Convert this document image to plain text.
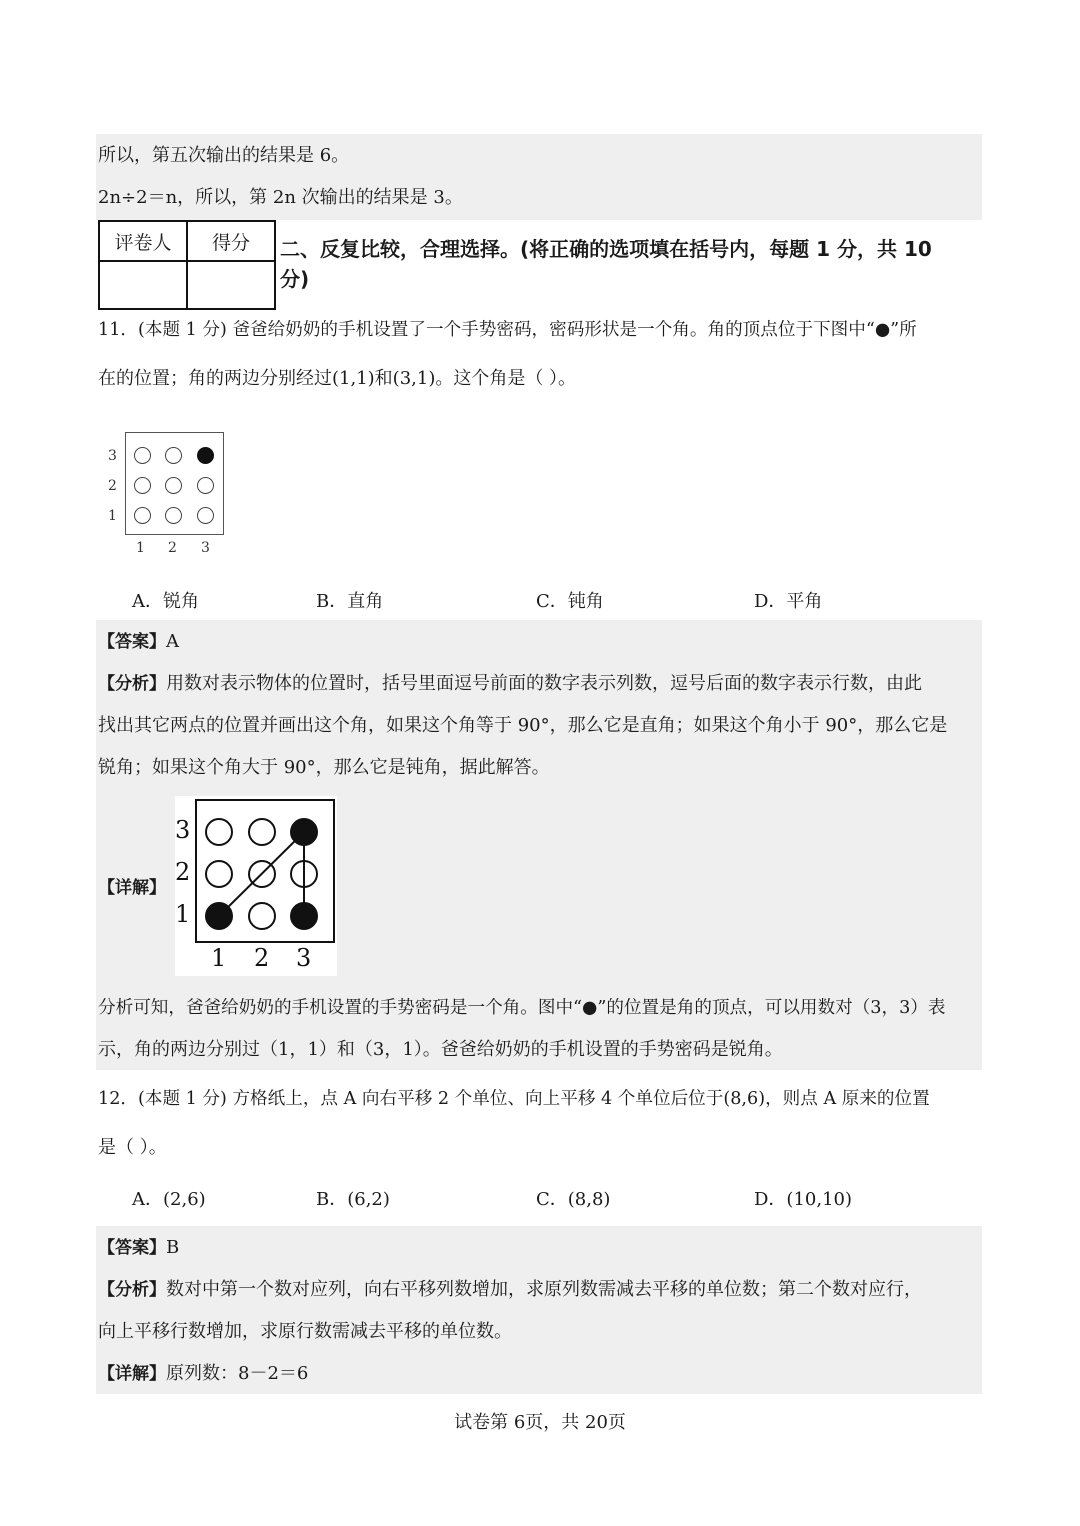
所以，第五次输出的结果是 6。
2n÷2＝n，所以，第 2n 次输出的结果是 3。
评卷人	得分
	二、反复比较，合理选择。(将正确的选项填在括号内，每题 1 分，共 10
分)
11．(本题 1 分) 爸爸给奶奶的手机设置了一个手势密码，密码形状是一个角。角的顶点位于下图中“●”所
在的位置；角的两边分别经过(1,1)和(3,1)。这个角是（ ）。
3
2
1
1 2 3
A．锐角	B．直角	C．钝角	D．平角
【答案】A
【分析】用数对表示物体的位置时，括号里面逗号前面的数字表示列数，逗号后面的数字表示行数，由此
找出其它两点的位置并画出这个角，如果这个角等于 90°，那么它是直角；如果这个角小于 90°，那么它是
锐角；如果这个角大于 90°，那么它是钝角，据此解答。
【详解】
3
2
1
1 2 3
分析可知，爸爸给奶奶的手机设置的手势密码是一个角。图中“●”的位置是角的顶点，可以用数对（3，3）表
示，角的两边分别过（1，1）和（3，1）。爸爸给奶奶的手机设置的手势密码是锐角。
12．(本题 1 分) 方格纸上，点 A 向右平移 2 个单位、向上平移 4 个单位后位于(8,6)，则点 A 原来的位置
是（ ）。
A．(2,6)	B．(6,2)	C．(8,8)	D．(10,10)
【答案】B
【分析】数对中第一个数对应列，向右平移列数增加，求原列数需减去平移的单位数；第二个数对应行，
向上平移行数增加，求原行数需减去平移的单位数。
【详解】原列数：8－2＝6
试卷第 6页，共 20页
